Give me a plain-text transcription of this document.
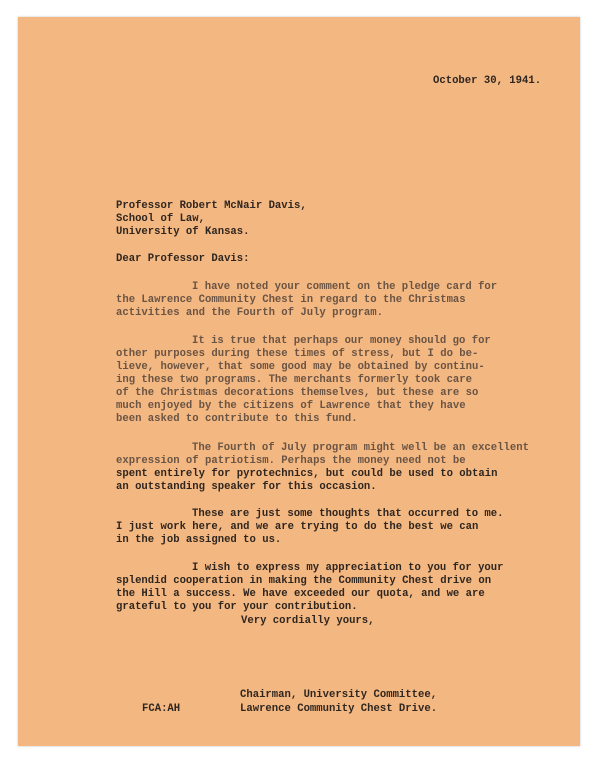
October 30, 1941.
Professor Robert McNair Davis,
School of Law,
University of Kansas.
Dear Professor Davis:
I have noted your comment on the pledge card for
the Lawrence Community Chest in regard to the Christmas
activities and the Fourth of July program.
It is true that perhaps our money should go for
other purposes during these times of stress, but I do be-
lieve, however, that some good may be obtained by continu-
ing these two programs. The merchants formerly took care
of the Christmas decorations themselves, but these are so
much enjoyed by the citizens of Lawrence that they have
been asked to contribute to this fund.
The Fourth of July program might well be an excellent
expression of patriotism. Perhaps the money need not be
spent entirely for pyrotechnics, but could be used to obtain
an outstanding speaker for this occasion.
These are just some thoughts that occurred to me.
I just work here, and we are trying to do the best we can
in the job assigned to us.
I wish to express my appreciation to you for your
splendid cooperation in making the Community Chest drive on
the Hill a success. We have exceeded our quota, and we are
grateful to you for your contribution.
Very cordially yours,
Chairman, University Committee,
Lawrence Community Chest Drive.
FCA:AH
